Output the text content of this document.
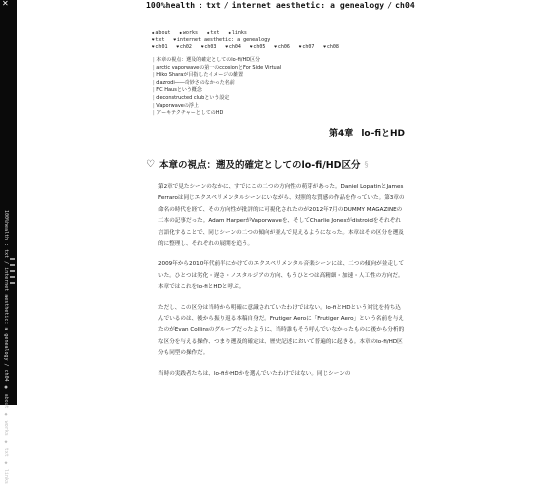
✕
100%health : txt / internet aesthetic: a genealogy / ch04 ● about ◆ works ◆ txt ◆ links
100%health : txt / internet aesthetic: a genealogy / ch04
◆ about ◆ works ◆ txt ◆ links
♥ txt ♥ internet aesthetic: a genealogy
♥ ch01 ♥ ch02 ♥ ch03 ♥ ch04 ♥ ch05 ♥ ch06 ♥ ch07 ♥ ch08
| 本章の視点：遡及的確定としてのlo-fi/HD区分
| arctic vaporwaveの第一のccosionとFor Side Virtual
| Hiko Sharaが目指したイメージの雑置
| dazrodi――奇妙さのなかった名前
| FC Hausという概念
| deconstructed clubという設定
| Vaporwaveの浮上
| アーキテクチャーとしてのHD
第4章 lo-fiとHD
♡ 本章の視点：遡及的確定としてのlo-fi/HD区分 §

第2章で見たシーンのなかに、すでにこの二つの方向性の萌芽があった。Daniel LopatinとJames Ferraroは同じエクスペリメンタルシーンにいながら、対照的な質感の作品を作っていた。第3章の命名の時代を経て、その方向性が批評的に可視化されたのが2012年7月のDUMMY MAGAZINEの二本の記事だった。Adam HarperがVaporwaveを、そしてCharlie Jonesがdistroidをそれぞれ言語化することで、同じシーンの二つの傾向が並んで見えるようになった。本章はその区分を遡及的に整理し、それぞれの展開を追う。

2009年から2010年代前半にかけてのエクスペリメンタル音楽シーンには、二つの傾向が並走していた。ひとつは劣化・遅さ・ノスタルジアの方向、もうひとつは高精細・加速・人工性の方向だ。本章ではこれをlo-fiとHDと呼ぶ。

ただし、この区分は当時から明確に意識されていたわけではない。lo-fiとHDという対比を持ち込んでいるのは、後から振り返る本稿自身だ。Frutiger Aeroに「Frutiger Aero」という名前を与えたのがEvan Collinsのグループだったように、当時誰もそう呼んでいなかったものに後から分析的な区分を与える操作、つまり遡及的確定は、歴史記述において普遍的に起きる。本章のlo-fi/HD区分も同型の操作だ。

当時の実践者たちは、lo-fiかHDかを選んでいたわけではない。同じシーンの
